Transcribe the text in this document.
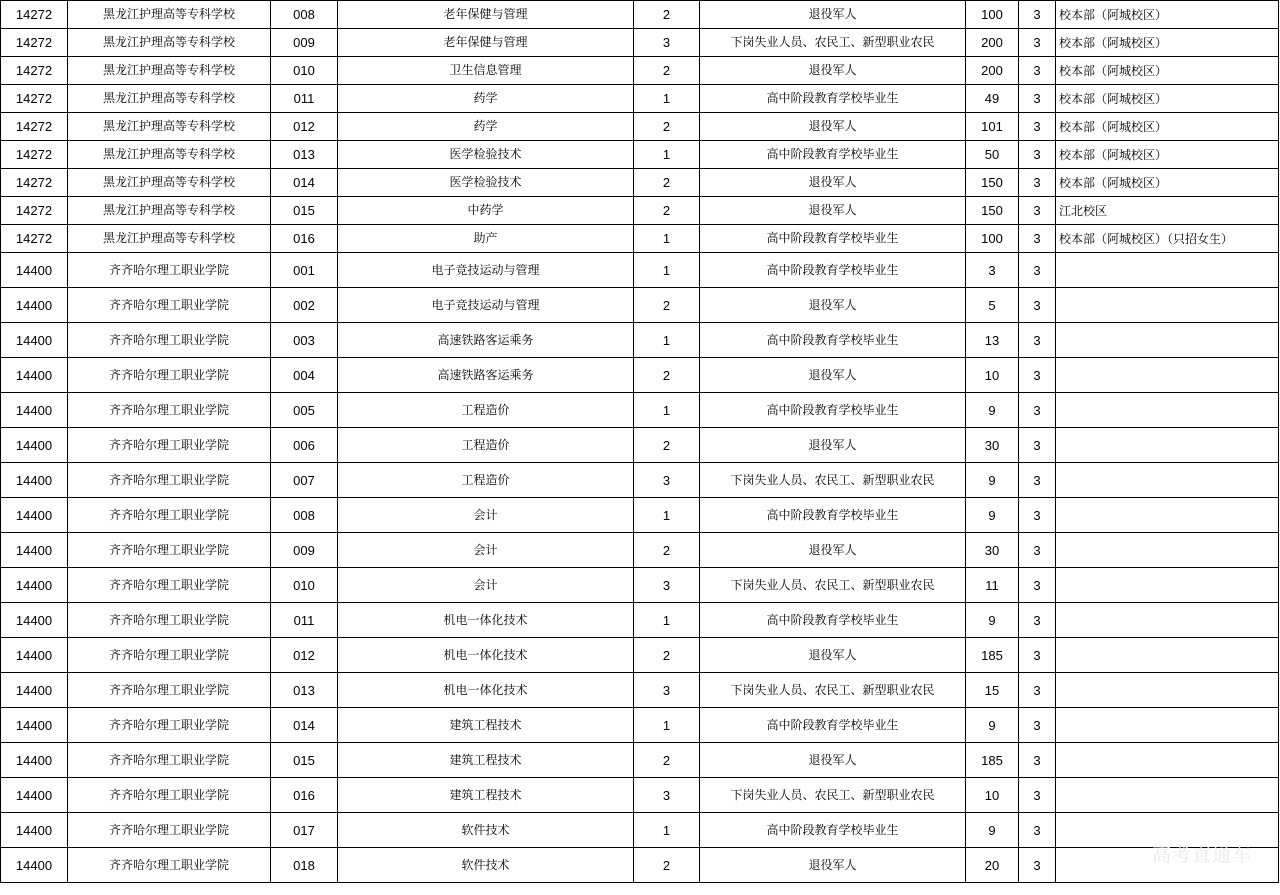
14272	黑龙江护理高等专科学校	008	老年保健与管理	2	退役军人	100	3	校本部（阿城校区）
14272	黑龙江护理高等专科学校	009	老年保健与管理	3	下岗失业人员、农民工、新型职业农民	200	3	校本部（阿城校区）
14272	黑龙江护理高等专科学校	010	卫生信息管理	2	退役军人	200	3	校本部（阿城校区）
14272	黑龙江护理高等专科学校	011	药学	1	高中阶段教育学校毕业生	49	3	校本部（阿城校区）
14272	黑龙江护理高等专科学校	012	药学	2	退役军人	101	3	校本部（阿城校区）
14272	黑龙江护理高等专科学校	013	医学检验技术	1	高中阶段教育学校毕业生	50	3	校本部（阿城校区）
14272	黑龙江护理高等专科学校	014	医学检验技术	2	退役军人	150	3	校本部（阿城校区）
14272	黑龙江护理高等专科学校	015	中药学	2	退役军人	150	3	江北校区
14272	黑龙江护理高等专科学校	016	助产	1	高中阶段教育学校毕业生	100	3	校本部（阿城校区）（只招女生）
14400	齐齐哈尔理工职业学院	001	电子竞技运动与管理	1	高中阶段教育学校毕业生	3	3	
14400	齐齐哈尔理工职业学院	002	电子竞技运动与管理	2	退役军人	5	3	
14400	齐齐哈尔理工职业学院	003	高速铁路客运乘务	1	高中阶段教育学校毕业生	13	3	
14400	齐齐哈尔理工职业学院	004	高速铁路客运乘务	2	退役军人	10	3	
14400	齐齐哈尔理工职业学院	005	工程造价	1	高中阶段教育学校毕业生	9	3	
14400	齐齐哈尔理工职业学院	006	工程造价	2	退役军人	30	3	
14400	齐齐哈尔理工职业学院	007	工程造价	3	下岗失业人员、农民工、新型职业农民	9	3	
14400	齐齐哈尔理工职业学院	008	会计	1	高中阶段教育学校毕业生	9	3	
14400	齐齐哈尔理工职业学院	009	会计	2	退役军人	30	3	
14400	齐齐哈尔理工职业学院	010	会计	3	下岗失业人员、农民工、新型职业农民	11	3	
14400	齐齐哈尔理工职业学院	011	机电一体化技术	1	高中阶段教育学校毕业生	9	3	
14400	齐齐哈尔理工职业学院	012	机电一体化技术	2	退役军人	185	3	
14400	齐齐哈尔理工职业学院	013	机电一体化技术	3	下岗失业人员、农民工、新型职业农民	15	3	
14400	齐齐哈尔理工职业学院	014	建筑工程技术	1	高中阶段教育学校毕业生	9	3	
14400	齐齐哈尔理工职业学院	015	建筑工程技术	2	退役军人	185	3	
14400	齐齐哈尔理工职业学院	016	建筑工程技术	3	下岗失业人员、农民工、新型职业农民	10	3	
14400	齐齐哈尔理工职业学院	017	软件技术	1	高中阶段教育学校毕业生	9	3	
14400	齐齐哈尔理工职业学院	018	软件技术	2	退役军人	20	3		高考直通车
